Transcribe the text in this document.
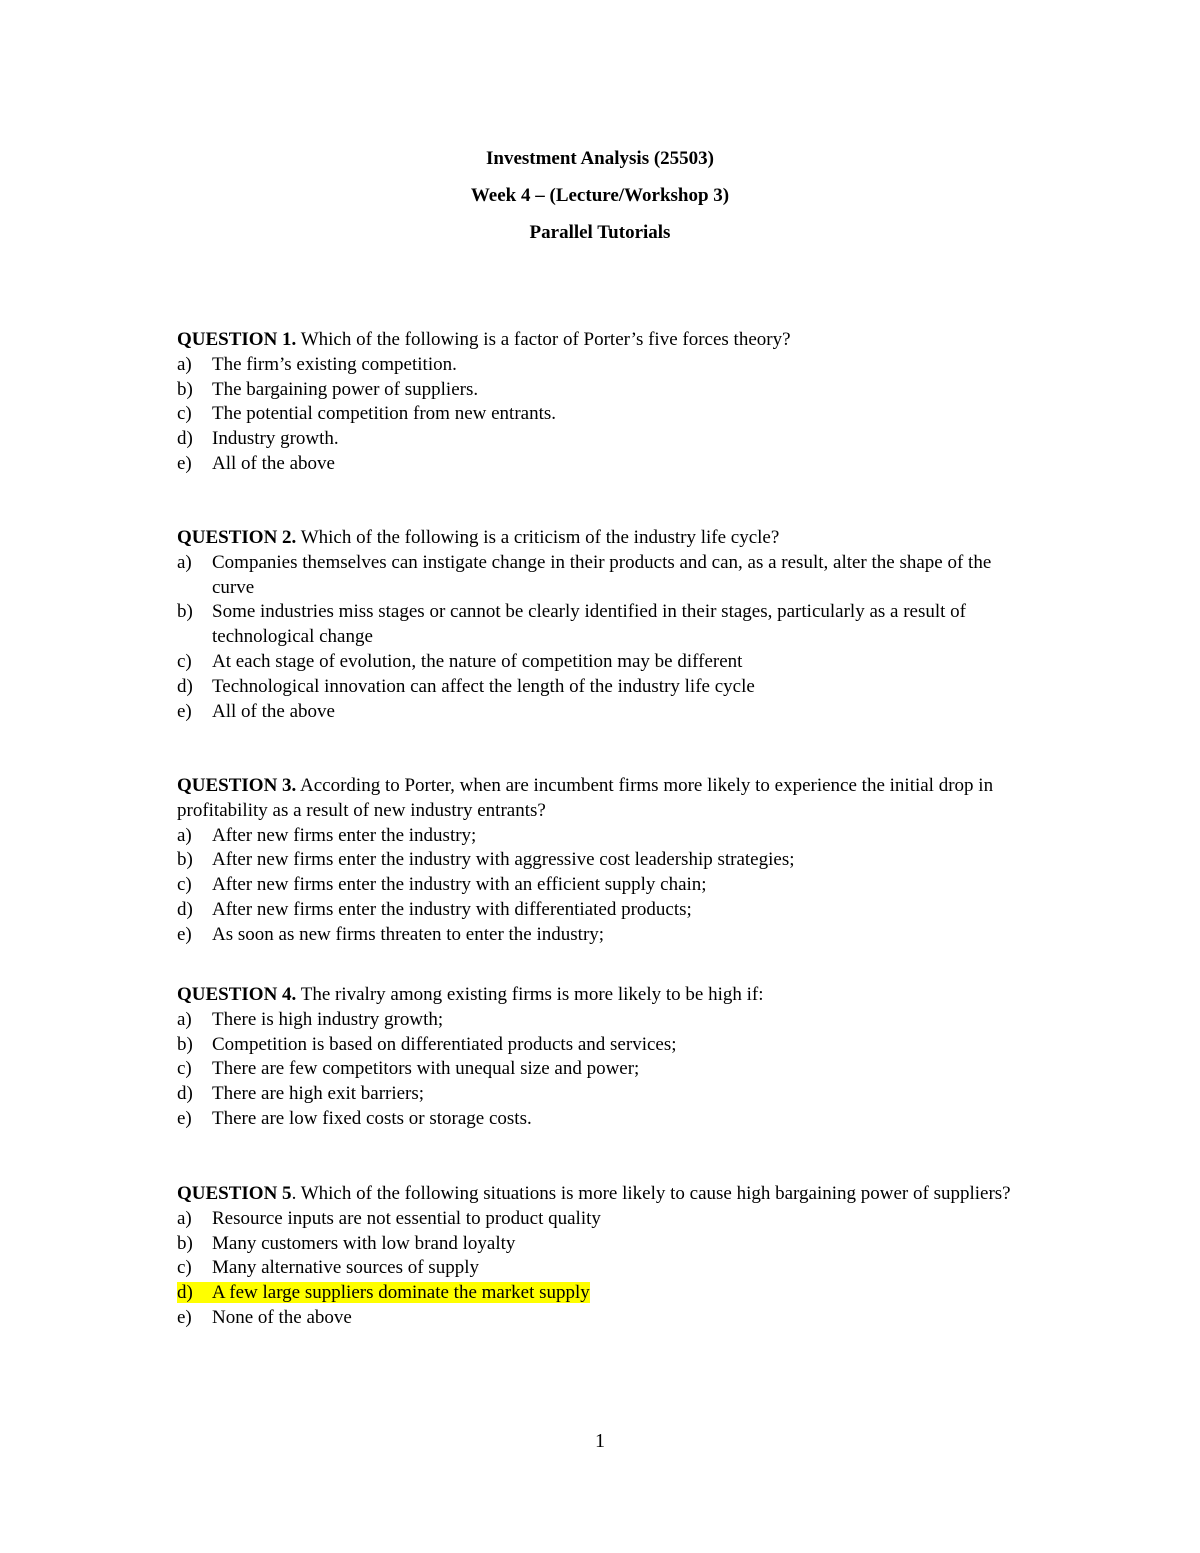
Investment Analysis (25503)

Week 4 – (Lecture/Workshop 3)

Parallel Tutorials

QUESTION 1. Which of the following is a factor of Porter’s five forces theory?

a) The firm’s existing competition.
b) The bargaining power of suppliers.
c) The potential competition from new entrants.
d) Industry growth.
e) All of the above

QUESTION 2. Which of the following is a criticism of the industry life cycle?

a) Companies themselves can instigate change in their products and can, as a result, alter the shape of the curve
b) Some industries miss stages or cannot be clearly identified in their stages, particularly as a result of technological change
c) At each stage of evolution, the nature of competition may be different
d) Technological innovation can affect the length of the industry life cycle
e) All of the above

QUESTION 3. According to Porter, when are incumbent firms more likely to experience the initial drop in profitability as a result of new industry entrants?

a) After new firms enter the industry;
b) After new firms enter the industry with aggressive cost leadership strategies;
c) After new firms enter the industry with an efficient supply chain;
d) After new firms enter the industry with differentiated products;
e) As soon as new firms threaten to enter the industry;

QUESTION 4. The rivalry among existing firms is more likely to be high if:

a) There is high industry growth;
b) Competition is based on differentiated products and services;
c) There are few competitors with unequal size and power;
d) There are high exit barriers;
e) There are low fixed costs or storage costs.

QUESTION 5. Which of the following situations is more likely to cause high bargaining power of suppliers?

a) Resource inputs are not essential to product quality
b) Many customers with low brand loyalty
c) Many alternative sources of supply
d) A few large suppliers dominate the market supply
e) None of the above
1
